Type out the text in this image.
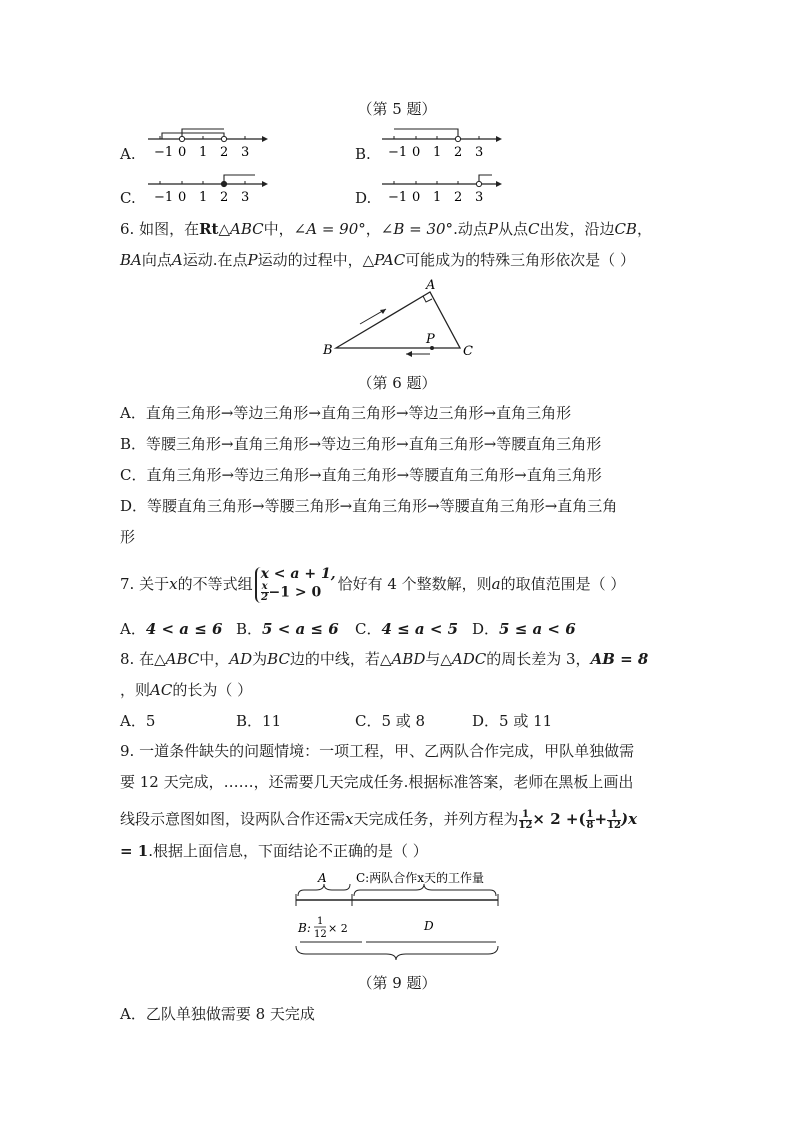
（第 5 题）
A.	B.
C.	D.
−1 0 1 2 3	−1 0 1 2 3
−1 0 1 2 3	−1 0 1 2 3
6. 如图，在Rt△ABC中，∠A = 90°，∠B = 30°.动点P从点C出发，沿边CB，
BA向点A运动.在点P运动的过程中，△PAC可能成为的特殊三角形依次是（ ）
B
A
C
P
（第 6 题）
A．直角三角形→等边三角形→直角三角形→等边三角形→直角三角形
B．等腰三角形→直角三角形→等边三角形→直角三角形→等腰直角三角形
C．直角三角形→等边三角形→直角三角形→等腰直角三角形→直角三角形
D．等腰直角三角形→等腰三角形→直角三角形→等腰直角三角形→直角三角
形
7. 关于x的不等式组
x < a + 1,
$\frac{x}{2} -1 > 0$	恰好有 4 个整数解，则a的取值范围是（ ）
A．4 < a ≤ 6 B．5 < a ≤ 6 C．4 ≤ a < 5 D．5 ≤ a < 6
8. 在△ABC中，AD为BC边的中线，若△ABD与△ADC的周长差为 3，AB = 8
，则AC的长为（ ）
A．5	B．11	C．5 或 8	D．5 或 11
9. 一道条件缺失的问题情境：一项工程，甲、乙两队合作完成，甲队单独做需
要 12 天完成，……，还需要几天完成任务.根据标准答案，老师在黑板上画出
线段示意图如图，设两队合作还需x天完成任务，并列方程为 $\frac{1}{12} \times 2$ +( $\frac{1}{8} + \frac{1}{12} )x$
= 1.根据上面信息，下面结论不正确的是（ ）
A C:两队合作x天的工作量
B: 1
12 × 2	D
（第 9 题）
A．乙队单独做需要 8 天完成
